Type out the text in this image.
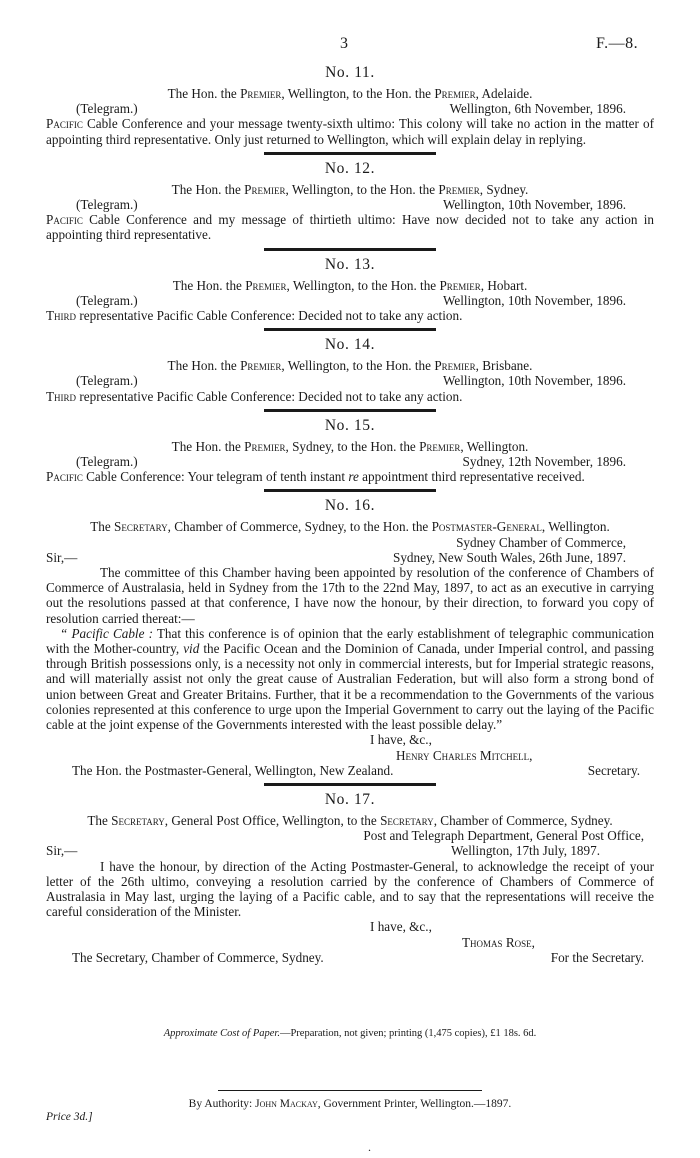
3	F.—8.
No. 11.
The Hon. the Premier, Wellington, to the Hon. the Premier, Adelaide.
(Telegram.)	Wellington, 6th November, 1896.
Pacific Cable Conference and your message twenty-sixth ultimo: This colony will take no action in the matter of appointing third representative. Only just returned to Wellington, which will explain delay in replying.
No. 12.
The Hon. the Premier, Wellington, to the Hon. the Premier, Sydney.
(Telegram.)	Wellington, 10th November, 1896.
Pacific Cable Conference and my message of thirtieth ultimo: Have now decided not to take any action in appointing third representative.
No. 13.
The Hon. the Premier, Wellington, to the Hon. the Premier, Hobart.
(Telegram.)	Wellington, 10th November, 1896.
Third representative Pacific Cable Conference: Decided not to take any action.
No. 14.
The Hon. the Premier, Wellington, to the Hon. the Premier, Brisbane.
(Telegram.)	Wellington, 10th November, 1896.
Third representative Pacific Cable Conference: Decided not to take any action.
No. 15.
The Hon. the Premier, Sydney, to the Hon. the Premier, Wellington.
(Telegram.)	Sydney, 12th November, 1896.
Pacific Cable Conference: Your telegram of tenth instant re appointment third representative received.
No. 16.
The Secretary, Chamber of Commerce, Sydney, to the Hon. the Postmaster-General, Wellington.
Sydney Chamber of Commerce,
Sir,—	Sydney, New South Wales, 26th June, 1897.
The committee of this Chamber having been appointed by resolution of the conference of Chambers of Commerce of Australasia, held in Sydney from the 17th to the 22nd May, 1897, to act as an executive in carrying out the resolutions passed at that conference, I have now the honour, by their direction, to forward you copy of resolution carried thereat:—
“ Pacific Cable : That this conference is of opinion that the early establishment of telegraphic communication with the Mother-country, vid the Pacific Ocean and the Dominion of Canada, under Imperial control, and passing through British possessions only, is a necessity not only in commercial interests, but for Imperial strategic reasons, and will materially assist not only the great cause of Australian Federation, but will also form a strong bond of union between Great and Greater Britains. Further, that it be a recommendation to the Governments of the various colonies represented at this conference to urge upon the Imperial Government to carry out the laying of the Pacific cable at the joint expense of the Governments interested with the least possible delay.”
I have, &c.,
Henry Charles Mitchell,
The Hon. the Postmaster-General, Wellington, New Zealand.	Secretary.
No. 17.
The Secretary, General Post Office, Wellington, to the Secretary, Chamber of Commerce, Sydney.
Post and Telegraph Department, General Post Office,
Sir,—	Wellington, 17th July, 1897.
I have the honour, by direction of the Acting Postmaster-General, to acknowledge the receipt of your letter of the 26th ultimo, conveying a resolution carried by the conference of Chambers of Commerce of Australasia in May last, urging the laying of a Pacific cable, and to say that the representations will receive the careful consideration of the Minister.
I have, &c.,
Thomas Rose,
The Secretary, Chamber of Commerce, Sydney.	For the Secretary.
Approximate Cost of Paper.—Preparation, not given; printing (1,475 copies), £1 18s. 6d.
By Authority: John Mackay, Government Printer, Wellington.—1897.
Price 3d.]
.
